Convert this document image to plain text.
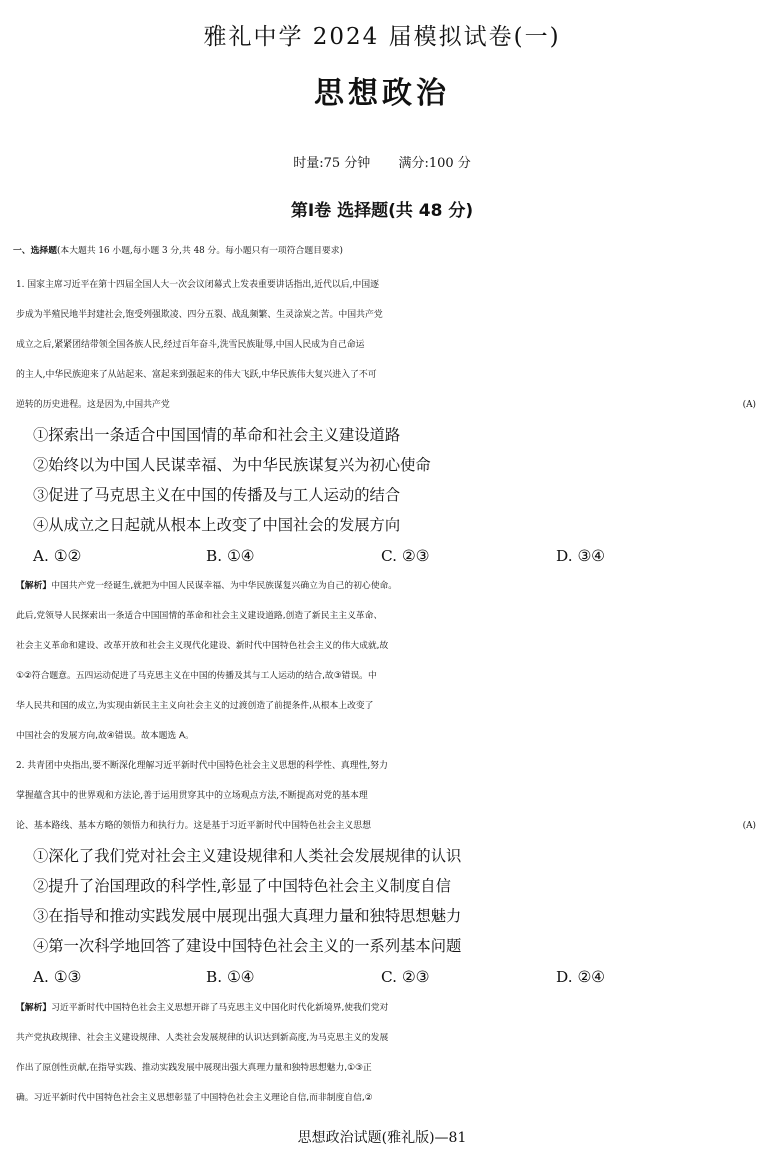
雅礼中学 2024 届模拟试卷(一)
思想政治
时量:75 分钟 满分:100 分
第Ⅰ卷 选择题(共 48 分)
一、选择题(本大题共 16 小题,每小题 3 分,共 48 分。每小题只有一项符合题目要求)
1. 国家主席习近平在第十四届全国人大一次会议闭幕式上发表重要讲话指出,近代以后,中国逐
步成为半殖民地半封建社会,饱受列强欺凌、四分五裂、战乱频繁、生灵涂炭之苦。中国共产党
成立之后,紧紧团结带领全国各族人民,经过百年奋斗,洗雪民族耻辱,中国人民成为自己命运
的主人,中华民族迎来了从站起来、富起来到强起来的伟大飞跃,中华民族伟大复兴进入了不可
逆转的历史进程。这是因为,中国共产党	(A)
①探索出一条适合中国国情的革命和社会主义建设道路
②始终以为中国人民谋幸福、为中华民族谋复兴为初心使命
③促进了马克思主义在中国的传播及与工人运动的结合
④从成立之日起就从根本上改变了中国社会的发展方向
A. ①②	B. ①④	C. ②③	D. ③④
【解析】中国共产党一经诞生,就把为中国人民谋幸福、为中华民族谋复兴确立为自己的初心使命。
此后,党领导人民探索出一条适合中国国情的革命和社会主义建设道路,创造了新民主主义革命、
社会主义革命和建设、改革开放和社会主义现代化建设、新时代中国特色社会主义的伟大成就,故
①②符合题意。五四运动促进了马克思主义在中国的传播及其与工人运动的结合,故③错误。中
华人民共和国的成立,为实现由新民主主义向社会主义的过渡创造了前提条件,从根本上改变了
中国社会的发展方向,故④错误。故本题选 A。
2. 共青团中央指出,要不断深化理解习近平新时代中国特色社会主义思想的科学性、真理性,努力
掌握蕴含其中的世界观和方法论,善于运用贯穿其中的立场观点方法,不断提高对党的基本理
论、基本路线、基本方略的领悟力和执行力。这是基于习近平新时代中国特色社会主义思想	(A)
①深化了我们党对社会主义建设规律和人类社会发展规律的认识
②提升了治国理政的科学性,彰显了中国特色社会主义制度自信
③在指导和推动实践发展中展现出强大真理力量和独特思想魅力
④第一次科学地回答了建设中国特色社会主义的一系列基本问题
A. ①③	B. ①④	C. ②③	D. ②④
【解析】习近平新时代中国特色社会主义思想开辟了马克思主义中国化时代化新境界,使我们党对
共产党执政规律、社会主义建设规律、人类社会发展规律的认识达到新高度,为马克思主义的发展
作出了原创性贡献,在指导实践、推动实践发展中展现出强大真理力量和独特思想魅力,①③正
确。习近平新时代中国特色社会主义思想彰显了中国特色社会主义理论自信,而非制度自信,②
思想政治试题(雅礼版)—81
